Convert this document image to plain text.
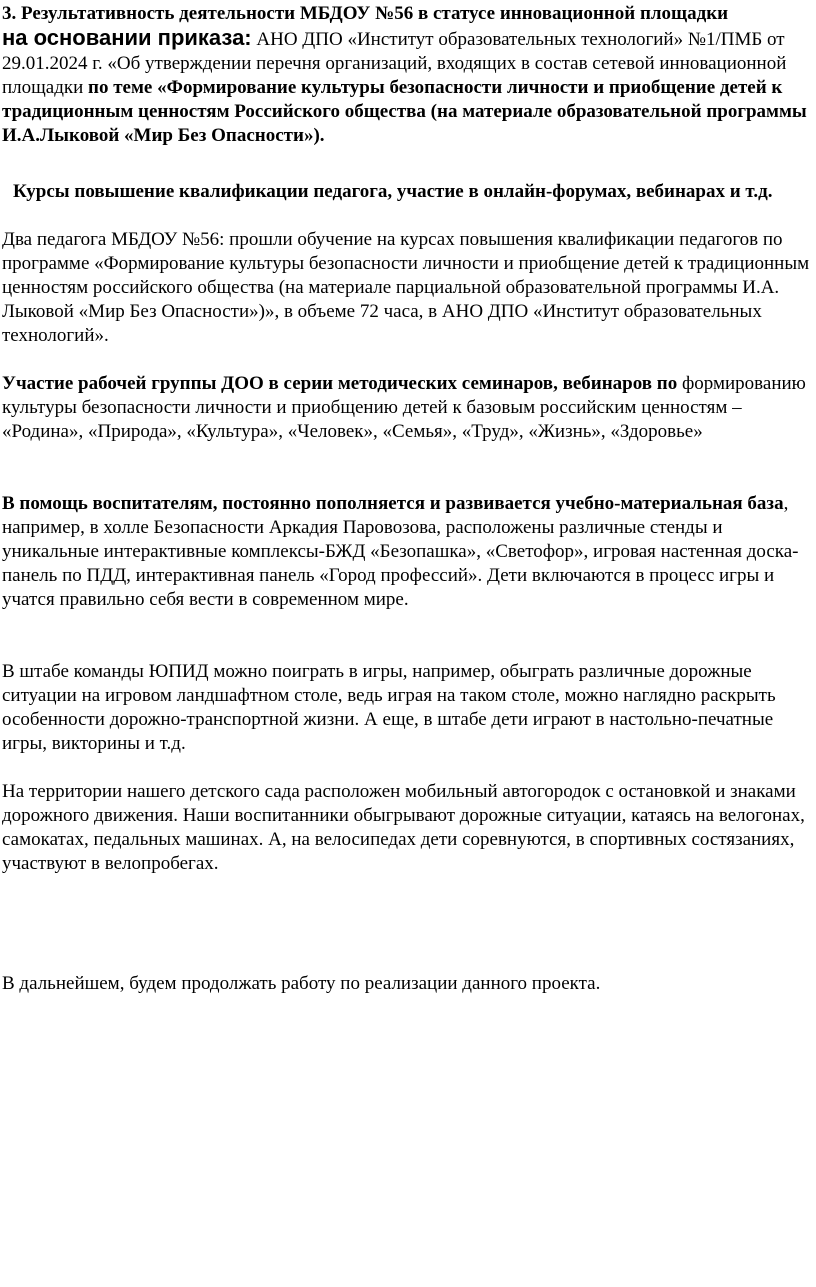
3. Результативность деятельности МБДОУ №56 в статусе инновационной площадки
на основании приказа: АНО ДПО «Институт образовательных технологий» №1/ПМБ от 29.01.2024 г. «Об утверждении перечня организаций, входящих в состав сетевой инновационной площадки по теме «Формирование культуры безопасности личности и приобщение детей к традиционным ценностям Российского общества (на материале образовательной программы И.А.Лыковой «Мир Без Опасности»).

Курсы повышение квалификации педагога, участие в онлайн-форумах, вебинарах и т.д.

Два педагога МБДОУ №56: прошли обучение на курсах повышения квалификации педагогов по программе «Формирование культуры безопасности личности и приобщение детей к традиционным ценностям российского общества (на материале парциальной образовательной программы И.А. Лыковой «Мир Без Опасности»)», в объеме 72 часа, в АНО ДПО «Институт образовательных технологий».

Участие рабочей группы ДОО в серии методических семинаров, вебинаров по формированию культуры безопасности личности и приобщению детей к базовым российским ценностям – «Родина», «Природа», «Культура», «Человек», «Семья», «Труд», «Жизнь», «Здоровье»

В помощь воспитателям, постоянно пополняется и развивается учебно-материальная база, например, в холле Безопасности Аркадия Паровозова, расположены различные стенды и уникальные интерактивные комплексы-БЖД «Безопашка», «Светофор», игровая настенная доска-панель по ПДД, интерактивная панель «Город профессий». Дети включаются в процесс игры и учатся правильно себя вести в современном мире.

В штабе команды ЮПИД можно поиграть в игры, например, обыграть различные дорожные ситуации на игровом ландшафтном столе, ведь играя на таком столе, можно наглядно раскрыть особенности дорожно-транспортной жизни. А еще, в штабе дети играют в настольно-печатные игры, викторины и т.д.

На территории нашего детского сада расположен мобильный автогородок с остановкой и знаками дорожного движения. Наши воспитанники обыгрывают дорожные ситуации, катаясь на велогонах, самокатах, педальных машинах. А, на велосипедах дети соревнуются, в спортивных состязаниях, участвуют в велопробегах.

В дальнейшем, будем продолжать работу по реализации данного проекта.
